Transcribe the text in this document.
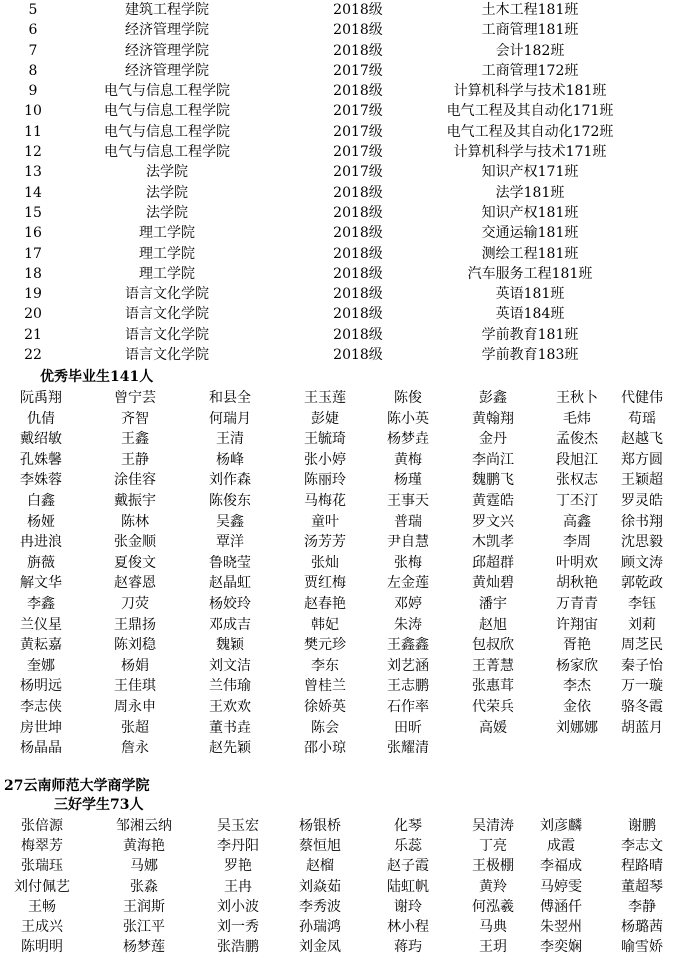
5	建筑工程学院	2018级	土木工程181班
6	经济管理学院	2018级	工商管理181班
7	经济管理学院	2018级	会计182班
8	经济管理学院	2017级	工商管理172班
9	电气与信息工程学院	2018级	计算机科学与技术181班
10	电气与信息工程学院	2017级	电气工程及其自动化171班
11	电气与信息工程学院	2017级	电气工程及其自动化172班
12	电气与信息工程学院	2017级	计算机科学与技术171班
13	法学院	2017级	知识产权171班
14	法学院	2018级	法学181班
15	法学院	2018级	知识产权181班
16	理工学院	2018级	交通运输181班
17	理工学院	2018级	测绘工程181班
18	理工学院	2018级	汽车服务工程181班
19	语言文化学院	2018级	英语181班
20	语言文化学院	2018级	英语184班
21	语言文化学院	2018级	学前教育181班
22	语言文化学院	2018级	学前教育183班
优秀毕业生141人
阮禹翔	曾宁芸	和县全	王玉莲	陈俊	彭鑫	王秋卜	代健伟
仇倩	齐智	何瑞月	彭婕	陈小英	黄翰翔	毛炜	苟瑶
戴绍敏	王鑫	王清	王毓琦	杨梦垚	金丹	孟俊杰	赵越飞
孔姝馨	王静	杨峰	张小婷	黄梅	李尚江	段旭江	郑方圆
李姝蓉	涂佳容	刘作森	陈丽玲	杨瑾	魏鹏飞	张权志	王颖超
白鑫	戴振宇	陈俊东	马梅花	王事天	黄霆皓	丁丕汀	罗灵皓
杨娅	陈林	吴鑫	童叶	普瑞	罗文兴	高鑫	徐书翔
冉进浪	张金顺	覃洋	汤芳芳	尹自慧	木凯孝	李周	沈思毅
旃薇	夏俊文	鲁晓莹	张灿	张梅	邱超群	叶明欢	顾文涛
解文华	赵睿恩	赵晶虹	贾红梅	左金莲	黄灿碧	胡秋艳	郭乾政
李鑫	刀荧	杨姣玲	赵春艳	邓婷	潘宇	万青青	李钰
兰仪星	王鼎扬	邓成吉	韩妃	朱涛	赵旭	许翔宙	刘莉
黄耘嘉	陈刘稳	魏颖	樊元珍	王鑫鑫	包叔欣	胥艳	周芝民
奎娜	杨娟	刘文洁	李东	刘艺涵	王菁慧	杨家欣	秦子怡
杨明远	王佳琪	兰伟瑜	曾桂兰	王志鹏	张惠茸	李杰	万一璇
李志侠	周永申	王欢欢	徐娇英	石作率	代荣兵	金依	骆冬霞
房世坤	张超	董书垚	陈会	田昕	高媛	刘娜娜	胡蓝月
杨晶晶	詹永	赵先颖	邵小琼	张耀清
27云南师范大学商学院
三好学生73人
张倍源	邹湘云纳	吴玉宏	杨银桥	化琴	吴清涛	刘彦麟	谢鹏
梅翠芳	黄海艳	李丹阳	蔡恒旭	乐蕊	丁亮	成霞	李志文
张瑞珏	马娜	罗艳	赵榴	赵子霞	王极棚	李福成	程路晴
刘付佩艺	张淼	王冉	刘焱茹	陆虹帆	黄羚	马婷雯	董超琴
王畅	王润斯	刘小波	李秀波	谢玲	何泓羲	傅涵仟	李静
王成兴	张江平	刘一秀	孙瑞鸿	林小程	马典	朱翌州	杨璐茜
陈明明	杨梦莲	张浩鹏	刘金凤	蒋玙	王玥	李奕娴	喻雪娇
